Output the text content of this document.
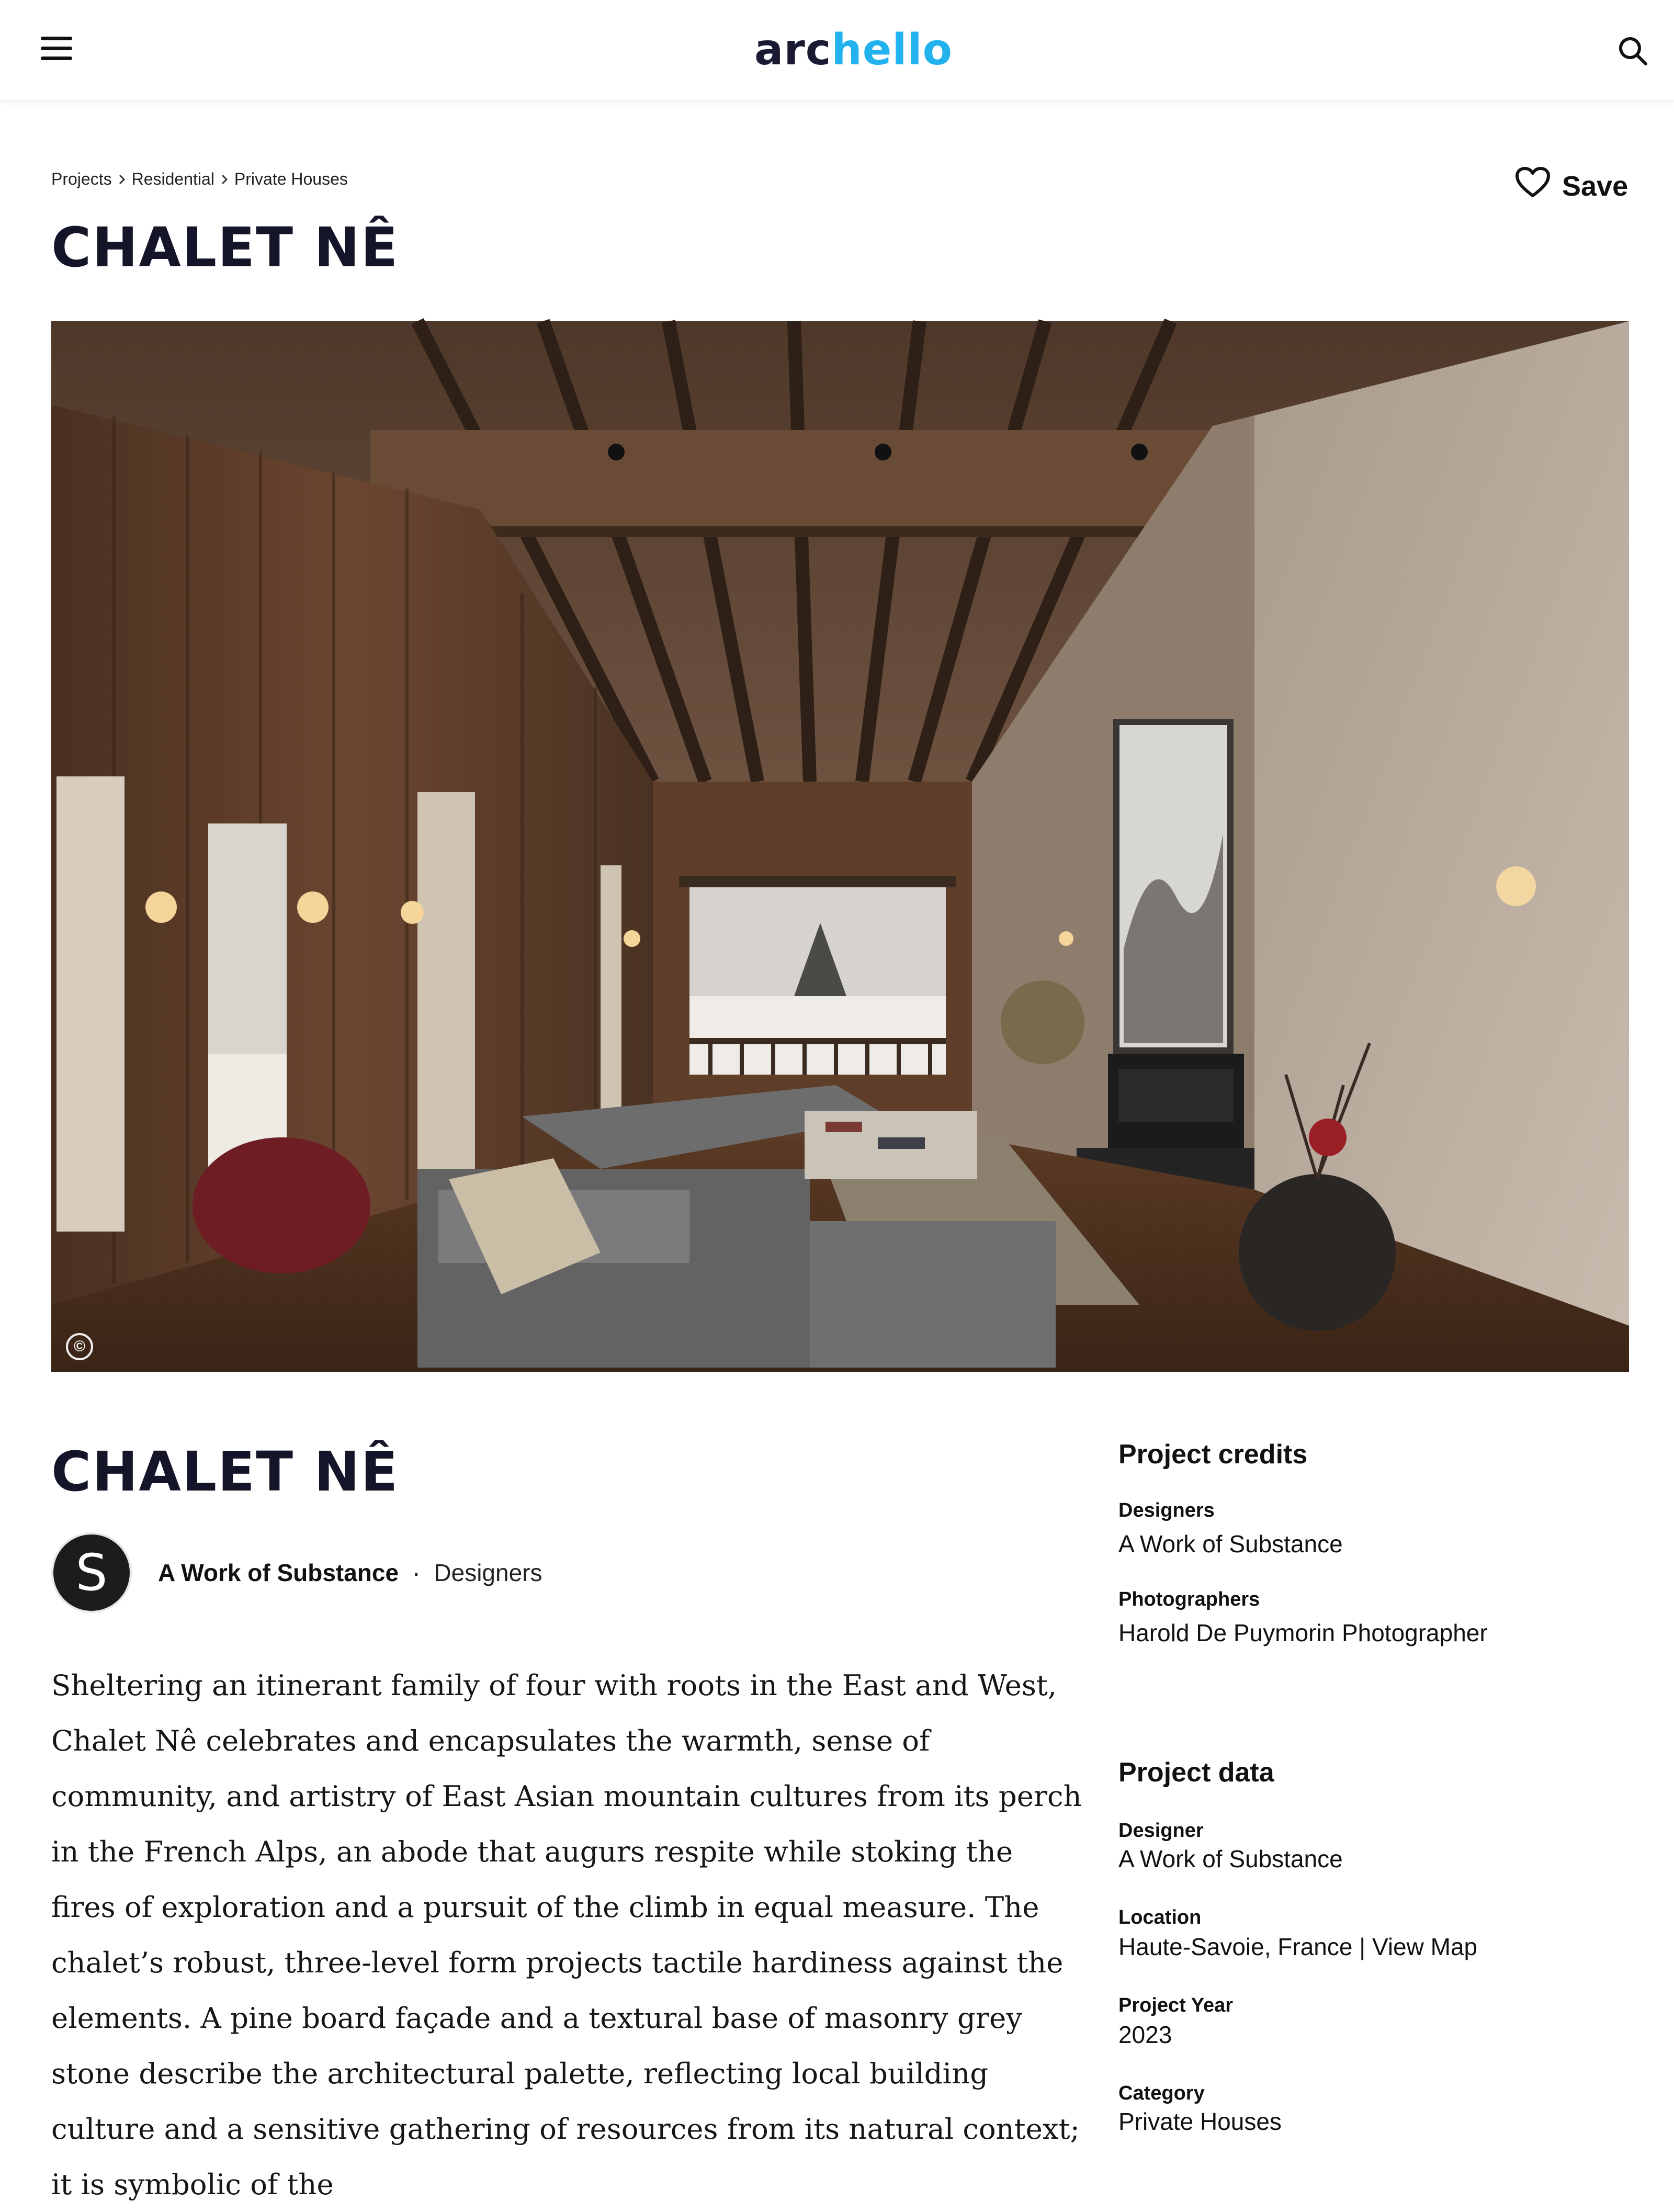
archello
Projects Residential Private Houses	Save
CHALET NÊ
©
CHALET NÊ
S	A Work of Substance · Designers

Sheltering an itinerant family of four with roots in the East and West, Chalet Nê celebrates and encapsulates the warmth, sense of community, and artistry of East Asian mountain cultures from its perch in the French Alps, an abode that augurs respite while stoking the fires of exploration and a pursuit of the climb in equal measure. The chalet’s robust, three-level form projects tactile hardiness against the elements. A pine board façade and a textural base of masonry grey stone describe the architectural palette, reflecting local building culture and a sensitive gathering of resources from its natural context; it is symbolic of the

Project credits
Designers
A Work of Substance
Photographers
Harold De Puymorin Photographer
Project data
Designer
A Work of Substance
Location
Haute-Savoie, France | View Map
Project Year
2023
Category
Private Houses
